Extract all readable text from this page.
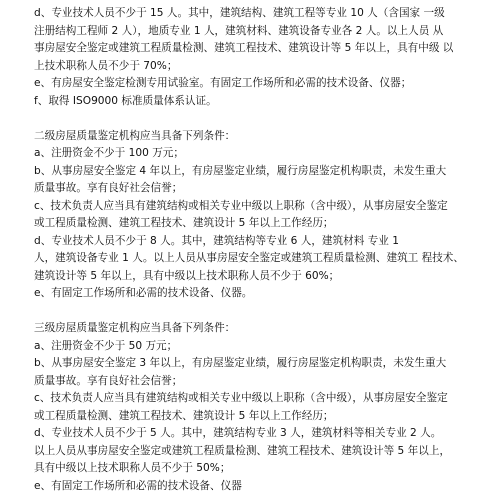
d、专业技术人员不少于 15 人。其中，建筑结构、建筑工程等专业 10 人（含国家 一级
注册结构工程师 2 人），地质专业 1 人，建筑材料、建筑设备专业各 2 人。以上人员 从
事房屋安全鉴定或建筑工程质量检测、建筑工程技术、建筑设计等 5 年以上，具有中级 以
上技术职称人员不少于 70%；
e、有房屋安全鉴定检测专用试验室。有固定工作场所和必需的技术设备、仪器；
f、取得 ISO9000 标准质量体系认证。
二级房屋质量鉴定机构应当具备下列条件：
a、注册资金不少于 100 万元；
b、从事房屋安全鉴定 4 年以上，有房屋鉴定业绩，履行房屋鉴定机构职责，未发生重大
质量事故。享有良好社会信誉；
c、技术负责人应当具有建筑结构或相关专业中级以上职称（含中级），从事房屋安全鉴定
或工程质量检测、建筑工程技术、建筑设计 5 年以上工作经历；
d、专业技术人员不少于 8 人。其中，建筑结构等专业 6 人，建筑材料 专业 1
人，建筑设备专业 1 人。以上人员从事房屋安全鉴定或建筑工程质量检测、建筑工 程技术、
建筑设计等 5 年以上，具有中级以上技术职称人员不少于 60%；
e、有固定工作场所和必需的技术设备、仪器。
三级房屋质量鉴定机构应当具备下列条件：
a、注册资金不少于 50 万元；
b、从事房屋安全鉴定 3 年以上，有房屋鉴定业绩，履行房屋鉴定机构职责，未发生重大
质量事故。享有良好社会信誉；
c、技术负责人应当具有建筑结构或相关专业中级以上职称（含中级），从事房屋安全鉴定
或工程质量检测、建筑工程技术、建筑设计 5 年以上工作经历；
d、专业技术人员不少于 5 人。其中，建筑结构专业 3 人，建筑材料等相关专业 2 人。
以上人员从事房屋安全鉴定或建筑工程质量检测、建筑工程技术、建筑设计等 5 年以上，
具有中级以上技术职称人员不少于 50%；
e、有固定工作场所和必需的技术设备、仪器
